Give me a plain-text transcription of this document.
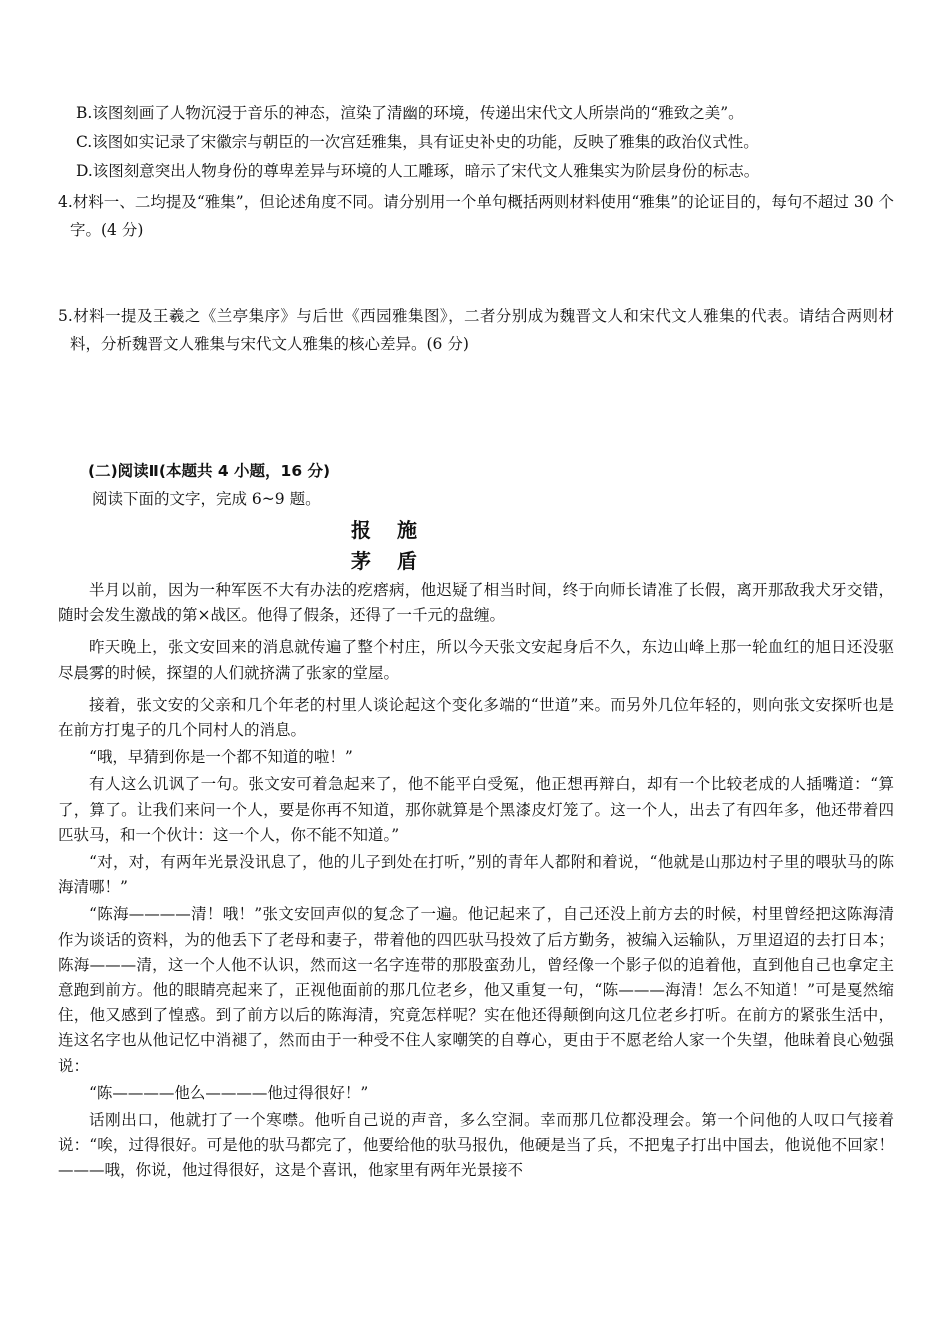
B.该图刻画了人物沉浸于音乐的神态，渲染了清幽的环境，传递出宋代文人所崇尚的“雅致之美”。
C.该图如实记录了宋徽宗与朝臣的一次宫廷雅集，具有证史补史的功能，反映了雅集的政治仪式性。
D.该图刻意突出人物身份的尊卑差异与环境的人工雕琢，暗示了宋代文人雅集实为阶层身份的标志。
4.材料一、二均提及“雅集”，但论述角度不同。请分别用一个单句概括两则材料使用“雅集”的论证目的，每句不超过 30 个字。(4 分)
5.材料一提及王羲之《兰亭集序》与后世《西园雅集图》，二者分别成为魏晋文人和宋代文人雅集的代表。请结合两则材料，分析魏晋文人雅集与宋代文人雅集的核心差异。(6 分)
(二)阅读Ⅱ(本题共 4 小题，16 分)
阅读下面的文字，完成 6~9 题。
报施
茅盾
半月以前，因为一种军医不大有办法的疙瘩病，他迟疑了相当时间，终于向师长请准了长假，离开那敌我犬牙交错，随时会发生激战的第×战区。他得了假条，还得了一千元的盘缠。
昨天晚上，张文安回来的消息就传遍了整个村庄，所以今天张文安起身后不久，东边山峰上那一轮血红的旭日还没驱尽晨雾的时候，探望的人们就挤满了张家的堂屋。
接着，张文安的父亲和几个年老的村里人谈论起这个变化多端的“世道”来。而另外几位年轻的，则向张文安探听也是在前方打鬼子的几个同村人的消息。
“哦，早猜到你是一个都不知道的啦！”
有人这么讥讽了一句。张文安可着急起来了，他不能平白受冤，他正想再辩白，却有一个比较老成的人插嘴道：“算了，算了。让我们来问一个人，要是你再不知道，那你就算是个黑漆皮灯笼了。这一个人，出去了有四年多，他还带着四匹驮马，和一个伙计：这一个人，你不能不知道。”
“对，对，有两年光景没讯息了，他的儿子到处在打听，”别的青年人都附和着说，“他就是山那边村子里的喂驮马的陈海清哪！”
“陈海————清！哦！”张文安回声似的复念了一遍。他记起来了，自己还没上前方去的时候，村里曾经把这陈海清作为谈话的资料，为的他丢下了老母和妻子，带着他的四匹驮马投效了后方勤务，被编入运输队，万里迢迢的去打日本；陈海———清，这一个人他不认识，然而这一名字连带的那股蛮劲儿，曾经像一个影子似的追着他，直到他自己也拿定主意跑到前方。他的眼睛亮起来了，正视他面前的那几位老乡，他又重复一句，“陈———海清！怎么不知道！”可是戛然缩住，他又感到了惶惑。到了前方以后的陈海清，究竟怎样呢？实在他还得颠倒向这几位老乡打听。在前方的紧张生活中，连这名字也从他记忆中消褪了，然而由于一种受不住人家嘲笑的自尊心，更由于不愿老给人家一个失望，他昧着良心勉强说：
“陈————他么————他过得很好！”
话刚出口，他就打了一个寒噤。他听自己说的声音，多么空洞。幸而那几位都没理会。第一个问他的人叹口气接着说：“唉，过得很好。可是他的驮马都完了，他要给他的驮马报仇，他硬是当了兵，不把鬼子打出中国去，他说他不回家！———哦，你说，他过得很好，这是个喜讯，他家里有两年光景接不
